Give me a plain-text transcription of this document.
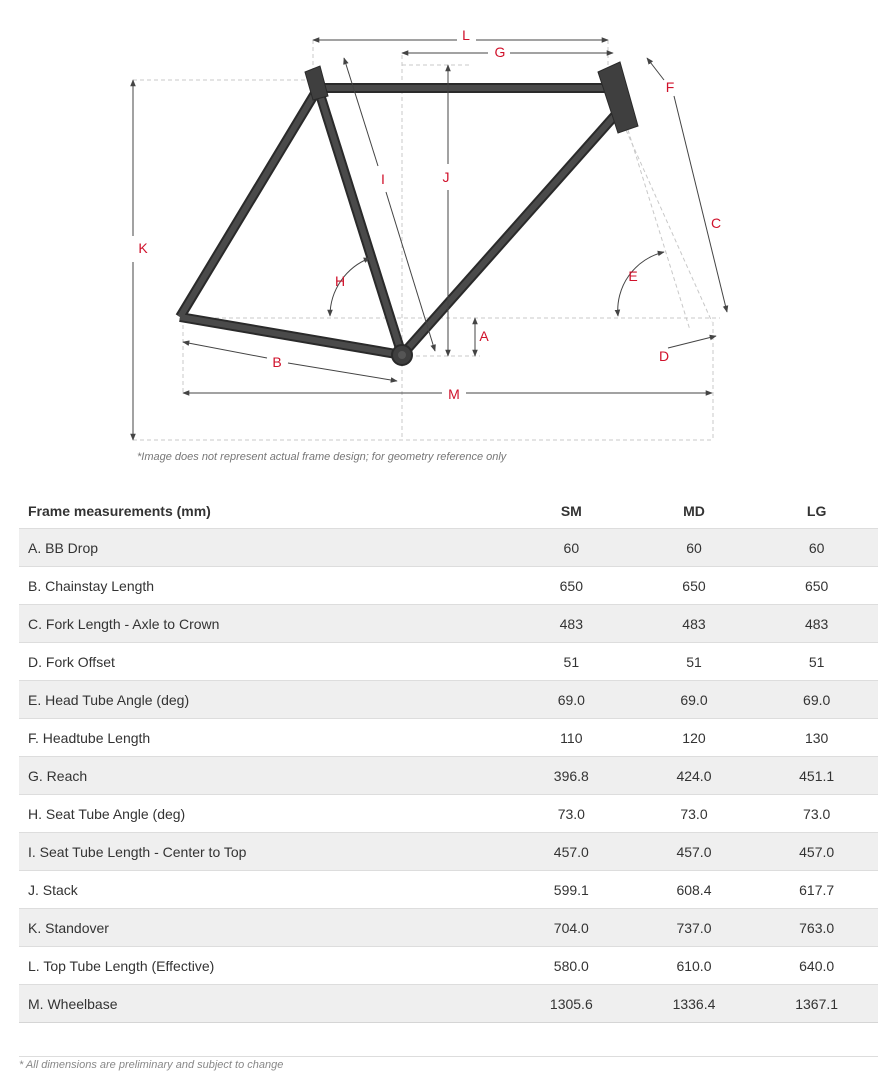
L
G
F
K
I	J
C
E
H
A
D
B
M
*Image does not represent actual frame design; for geometry reference only
Frame measurements (mm)	SM	MD	LG
A. BB Drop	60	60	60
B. Chainstay Length	650	650	650
C. Fork Length - Axle to Crown	483	483	483
D. Fork Offset	51	51	51
E. Head Tube Angle (deg)	69.0	69.0	69.0
F. Headtube Length	110	120	130
G. Reach	396.8	424.0	451.1
H. Seat Tube Angle (deg)	73.0	73.0	73.0
I. Seat Tube Length - Center to Top	457.0	457.0	457.0
J. Stack	599.1	608.4	617.7
K. Standover	704.0	737.0	763.0
L. Top Tube Length (Effective)	580.0	610.0	640.0
M. Wheelbase	1305.6	1336.4	1367.1
* All dimensions are preliminary and subject to change
